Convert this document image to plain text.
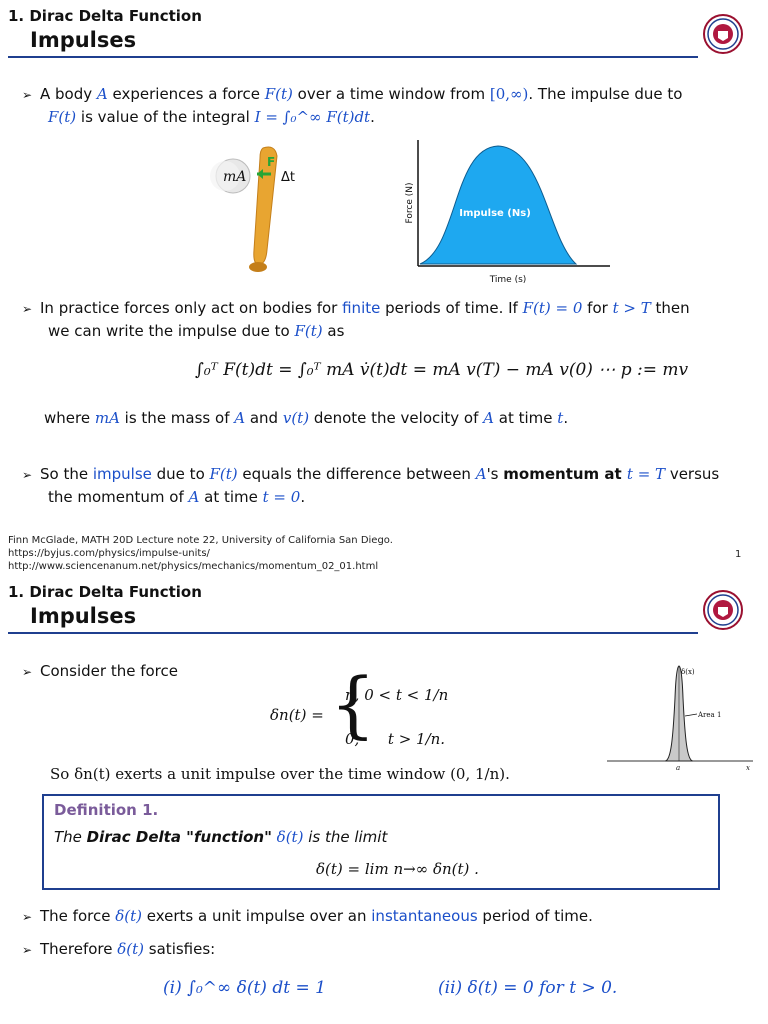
1. Dirac Delta Function
Impulses
➢ A body A experiences a force F(t) over a time window from [0,∞). The impulse due to
F(t) is value of the integral I = ∫₀^∞ F(t)dt.
F
mA	Δt
Force (N)
Time (s)
Impulse (Ns)
➢ In practice forces only act on bodies for finite periods of time. If F(t) = 0 for t > T then
we can write the impulse due to F(t) as
∫₀ᵀ F(t)dt = ∫₀ᵀ mA v̇(t)dt = mA v(T) − mA v(0) ⋯ p := mv
where mA is the mass of A and v(t) denote the velocity of A at time t.
➢ So the impulse due to F(t) equals the difference between A's momentum at t = T versus
the momentum of A at time t = 0.
Finn McGlade, MATH 20D Lecture note 22, University of California San Diego.
https://byjus.com/physics/impulse-units/
http://www.sciencenanum.net/physics/mechanics/momentum_02_01.html
1
1. Dirac Delta Function
Impulses
➢ Consider the force
δn(t) = {
n, 0 < t < 1/n
0,      t > 1/n.
So δn(t) exerts a unit impulse over the time window (0, 1/n).
δ(x)
Area 1
a	x
Definition 1.
The Dirac Delta "function" δ(t) is the limit
δ(t) = lim n→∞ δn(t) .
➢ The force δ(t) exerts a unit impulse over an instantaneous period of time.
➢ Therefore δ(t) satisfies:
(i) ∫₀^∞ δ(t) dt = 1	(ii) δ(t) = 0 for t > 0.
